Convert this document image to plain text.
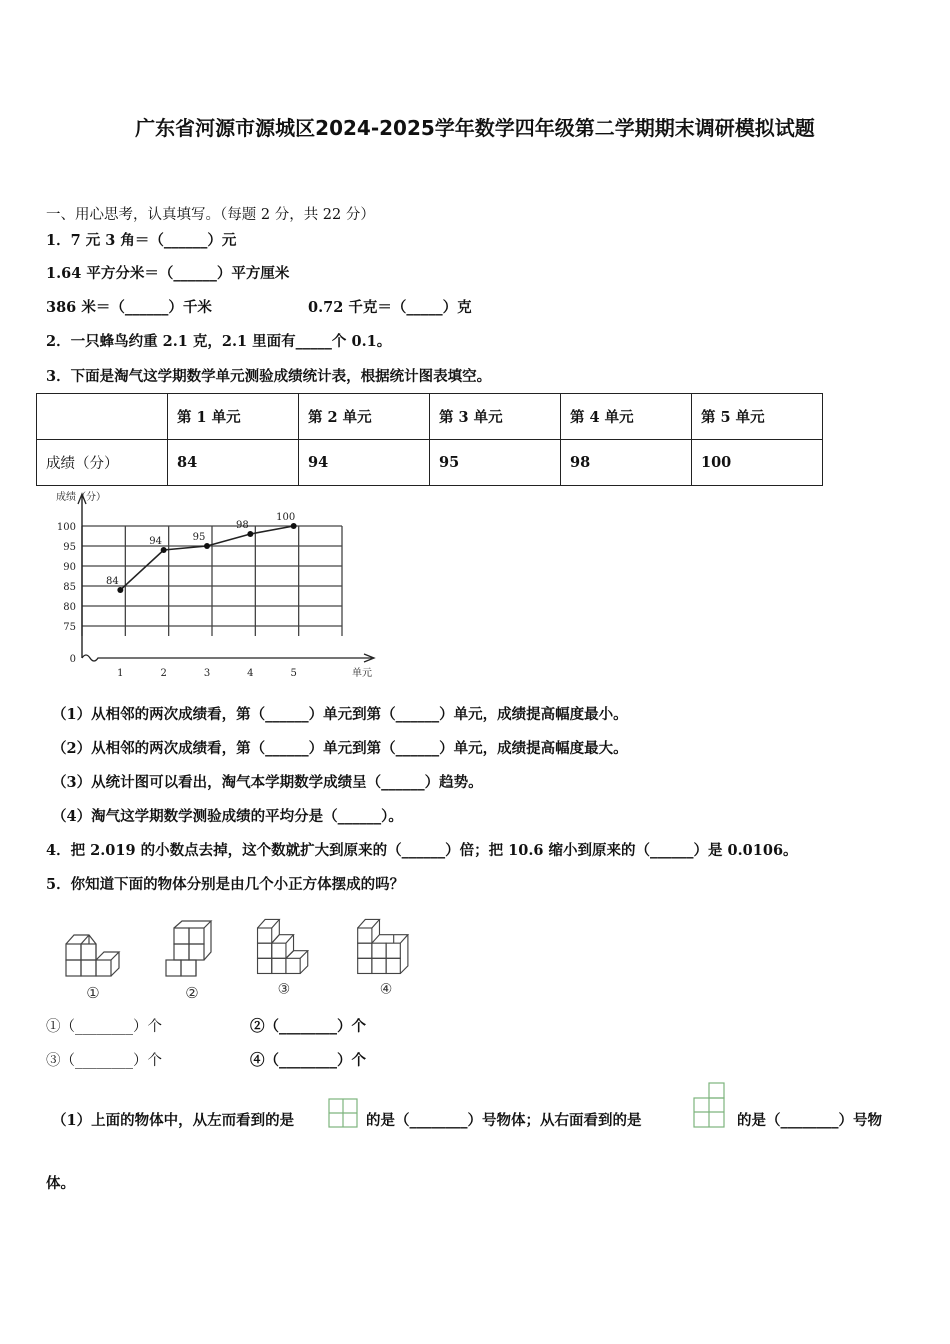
广东省河源市源城区2024-2025学年数学四年级第二学期期末调研模拟试题
一、用心思考，认真填写。（每题 2 分，共 22 分）
1．7 元 3 角＝（______）元
1.64 平方分米＝（______）平方厘米
386 米＝（______）千米	0.72 千克＝（_____）克
2．一只蜂鸟约重 2.1 克，2.1 里面有_____个 0.1。
3．下面是淘气这学期数学单元测验成绩统计表，根据统计图表填空。
	第 1 单元	第 2 单元	第 3 单元	第 4 单元	第 5 单元
成绩（分）	84	94	95	98	100
成绩（分）
单元
0
75
80
85
90
95
100
1	2	3	4	5
84
94	95
98
100
（1）从相邻的两次成绩看，第（______）单元到第（______）单元，成绩提高幅度最小。
（2）从相邻的两次成绩看，第（______）单元到第（______）单元，成绩提高幅度最大。
（3）从统计图可以看出，淘气本学期数学成绩呈（______）趋势。
（4）淘气这学期数学测验成绩的平均分是（______）。
4．把 2.019 的小数点去掉，这个数就扩大到原来的（______）倍；把 10.6 缩小到原来的（______）是 0.0106。
5．你知道下面的物体分别是由几个小正方体摆成的吗？
①	②	③	④
①（________）个	②（________）个
③（________）个	④（________）个
（1）上面的物体中，从左而看到的是	的是（________）号物体；从右面看到的是	的是（________）号物
体。
